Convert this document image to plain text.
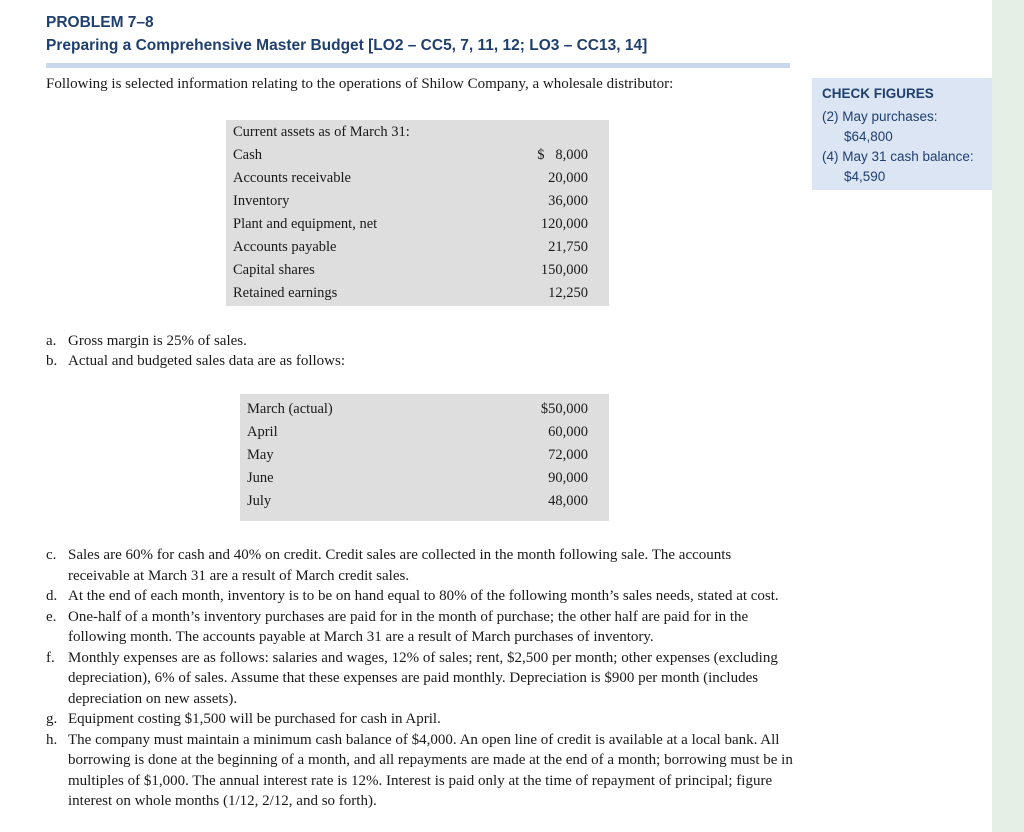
PROBLEM 7–8
Preparing a Comprehensive Master Budget [LO2 – CC5, 7, 11, 12; LO3 – CC13, 14]
Following is selected information relating to the operations of Shilow Company, a wholesale distributor:
CHECK FIGURES
(2) May purchases: $64,800
(4) May 31 cash balance: $4,590
Current assets as of March 31:
Cash	$   8,000
Accounts receivable	20,000
Inventory	36,000
Plant and equipment, net	120,000
Accounts payable	21,750
Capital shares	150,000
Retained earnings	12,250
a. Gross margin is 25% of sales.
b. Actual and budgeted sales data are as follows:
March (actual)	$50,000
April	60,000
May	72,000
June	90,000
July	48,000
c. Sales are 60% for cash and 40% on credit. Credit sales are collected in the month following sale. The accounts receivable at March 31 are a result of March credit sales.
d. At the end of each month, inventory is to be on hand equal to 80% of the following month’s sales needs, stated at cost.
e. One-half of a month’s inventory purchases are paid for in the month of purchase; the other half are paid for in the following month. The accounts payable at March 31 are a result of March purchases of inventory.
f. Monthly expenses are as follows: salaries and wages, 12% of sales; rent, $2,500 per month; other expenses (excluding depreciation), 6% of sales. Assume that these expenses are paid monthly. Depreciation is $900 per month (includes depreciation on new assets).
g. Equipment costing $1,500 will be purchased for cash in April.
h. The company must maintain a minimum cash balance of $4,000. An open line of credit is available at a local bank. All borrowing is done at the beginning of a month, and all repayments are made at the end of a month; borrowing must be in multiples of $1,000. The annual interest rate is 12%. Interest is paid only at the time of repayment of principal; figure interest on whole months (1/12, 2/12, and so forth).
